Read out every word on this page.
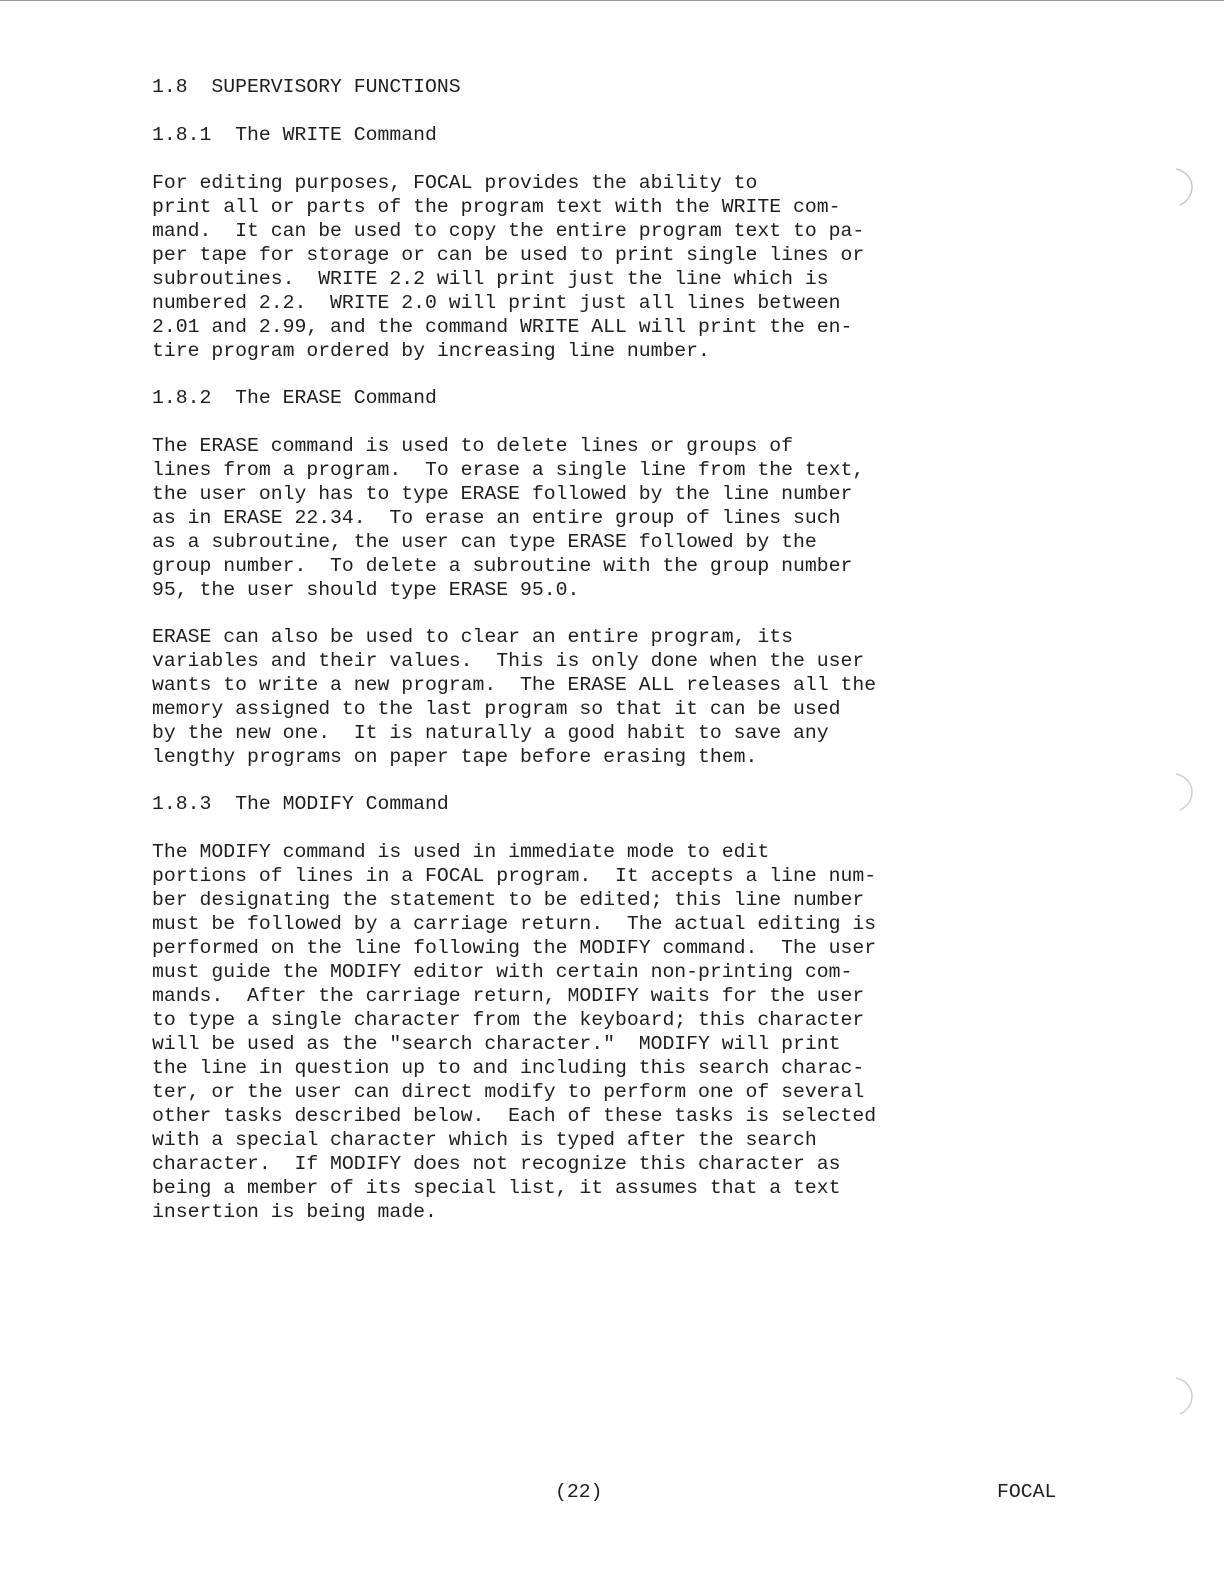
1.8  SUPERVISORY FUNCTIONS
1.8.1  The WRITE Command
For editing purposes, FOCAL provides the ability to
print all or parts of the program text with the WRITE com-
mand.  It can be used to copy the entire program text to pa-
per tape for storage or can be used to print single lines or
subroutines.  WRITE 2.2 will print just the line which is
numbered 2.2.  WRITE 2.0 will print just all lines between
2.01 and 2.99, and the command WRITE ALL will print the en-
tire program ordered by increasing line number.
1.8.2  The ERASE Command
The ERASE command is used to delete lines or groups of
lines from a program.  To erase a single line from the text,
the user only has to type ERASE followed by the line number
as in ERASE 22.34.  To erase an entire group of lines such
as a subroutine, the user can type ERASE followed by the
group number.  To delete a subroutine with the group number
95, the user should type ERASE 95.0.
ERASE can also be used to clear an entire program, its
variables and their values.  This is only done when the user
wants to write a new program.  The ERASE ALL releases all the
memory assigned to the last program so that it can be used
by the new one.  It is naturally a good habit to save any
lengthy programs on paper tape before erasing them.
1.8.3  The MODIFY Command
The MODIFY command is used in immediate mode to edit
portions of lines in a FOCAL program.  It accepts a line num-
ber designating the statement to be edited; this line number
must be followed by a carriage return.  The actual editing is
performed on the line following the MODIFY command.  The user
must guide the MODIFY editor with certain non-printing com-
mands.  After the carriage return, MODIFY waits for the user
to type a single character from the keyboard; this character
will be used as the "search character."  MODIFY will print
the line in question up to and including this search charac-
ter, or the user can direct modify to perform one of several
other tasks described below.  Each of these tasks is selected
with a special character which is typed after the search
character.  If MODIFY does not recognize this character as
being a member of its special list, it assumes that a text
insertion is being made.
(22)	FOCAL
